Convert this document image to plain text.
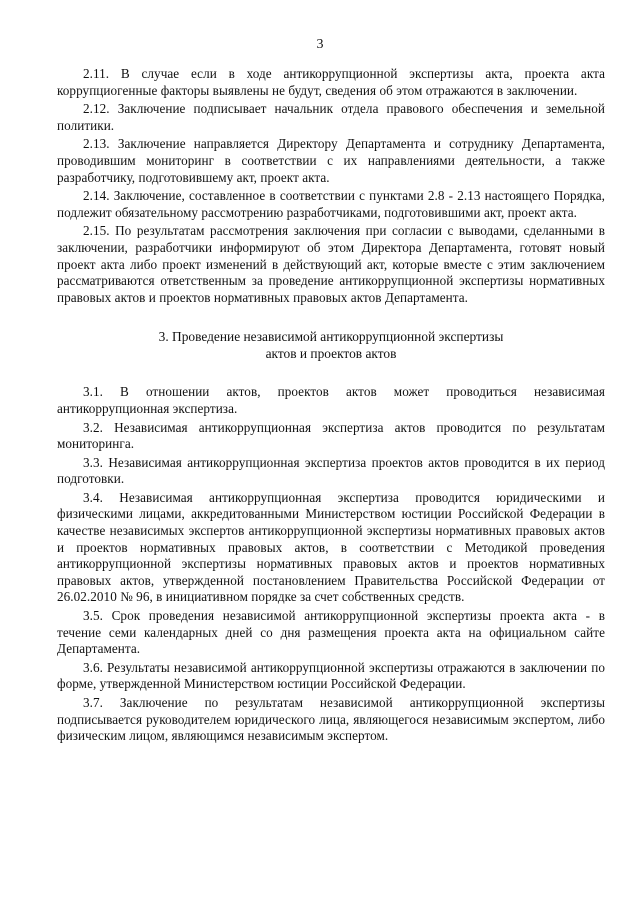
3

2.11. В случае если в ходе антикоррупционной экспертизы акта, проекта акта коррупциогенные факторы выявлены не будут, сведения об этом отражаются в заключении.

2.12. Заключение подписывает начальник отдела правового обеспечения и земельной политики.

2.13. Заключение направляется Директору Департамента и сотруднику Департамента, проводившим мониторинг в соответствии с их направлениями деятельности, а также разработчику, подготовившему акт, проект акта.

2.14. Заключение, составленное в соответствии с пунктами 2.8 - 2.13 настоящего Порядка, подлежит обязательному рассмотрению разработчиками, подготовившими акт, проект акта.

2.15. По результатам рассмотрения заключения при согласии с выводами, сделанными в заключении, разработчики информируют об этом Директора Департамента, готовят новый проект акта либо проект изменений в действующий акт, которые вместе с этим заключением рассматриваются ответственным за проведение антикоррупционной экспертизы нормативных правовых актов и проектов нормативных правовых актов Департамента.

3. Проведение независимой антикоррупционной экспертизы
актов и проектов актов

3.1. В отношении актов, проектов актов может проводиться независимая антикоррупционная экспертиза.

3.2. Независимая антикоррупционная экспертиза актов проводится по результатам мониторинга.

3.3. Независимая антикоррупционная экспертиза проектов актов проводится в их период подготовки.

3.4. Независимая антикоррупционная экспертиза проводится юридическими и физическими лицами, аккредитованными Министерством юстиции Российской Федерации в качестве независимых экспертов антикоррупционной экспертизы нормативных правовых актов и проектов нормативных правовых актов, в соответствии с Методикой проведения антикоррупционной экспертизы нормативных правовых актов и проектов нормативных правовых актов, утвержденной постановлением Правительства Российской Федерации от 26.02.2010 № 96, в инициативном порядке за счет собственных средств.

3.5. Срок проведения независимой антикоррупционной экспертизы проекта акта - в течение семи календарных дней со дня размещения проекта акта на официальном сайте Департамента.

3.6. Результаты независимой антикоррупционной экспертизы отражаются в заключении по форме, утвержденной Министерством юстиции Российской Федерации.

3.7. Заключение по результатам независимой антикоррупционной экспертизы подписывается руководителем юридического лица, являющегося независимым экспертом, либо физическим лицом, являющимся независимым экспертом.
